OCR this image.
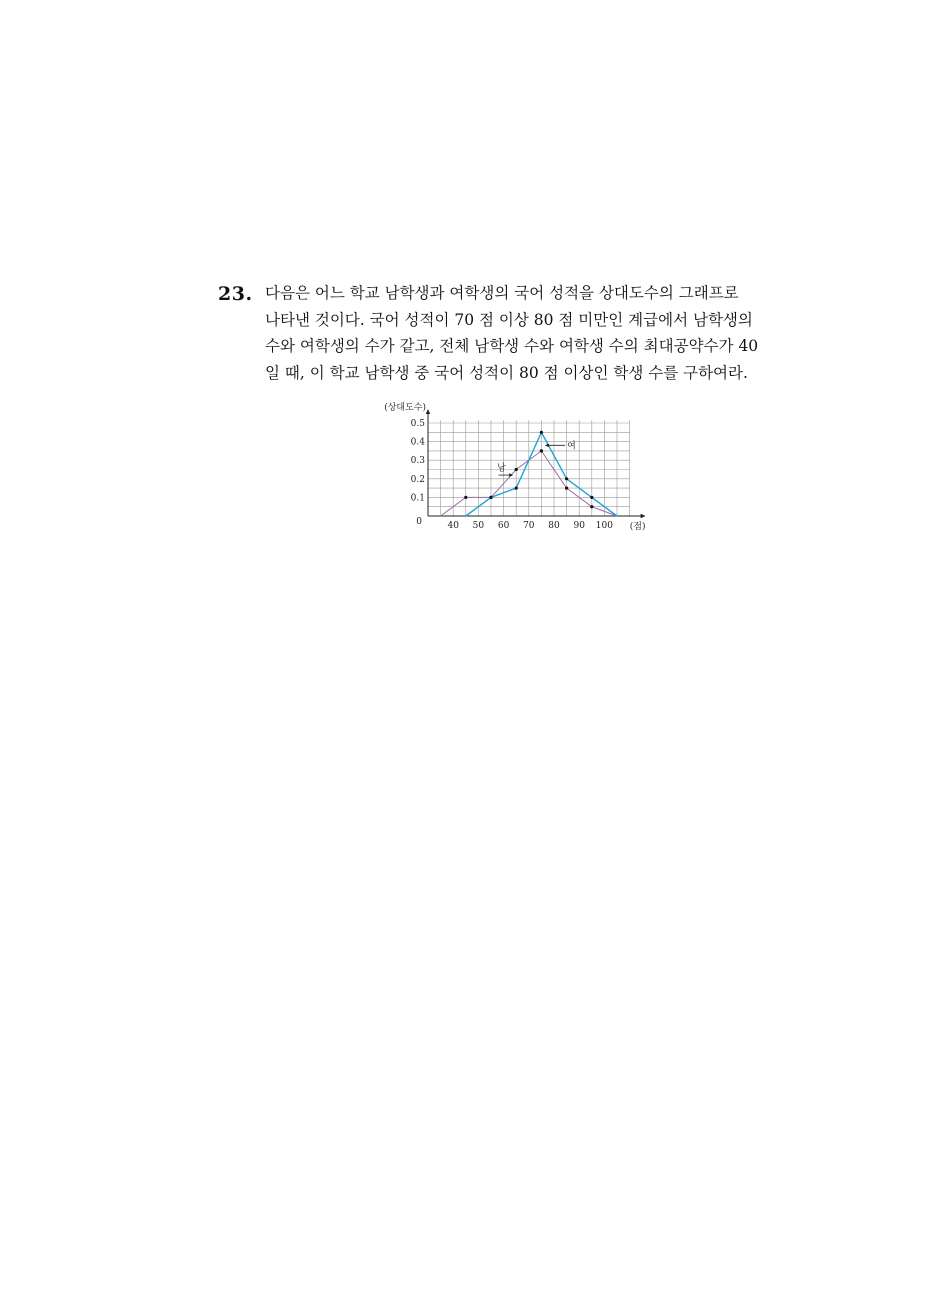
23. 다음은 어느 학교 남학생과 여학생의 국어 성적을 상대도수의 그래프로
나타낸 것이다. 국어 성적이 70 점 이상 80 점 미만인 계급에서 남학생의
수와 여학생의 수가 같고, 전체 남학생 수와 여학생 수의 최대공약수가 40
일 때, 이 학교 남학생 중 국어 성적이 80 점 이상인 학생 수를 구하여라.
40 50 60 70 80 90 100
0.1
0.2
0.3
0.4
0.5
0
(상대도수)
(점)
남
여
